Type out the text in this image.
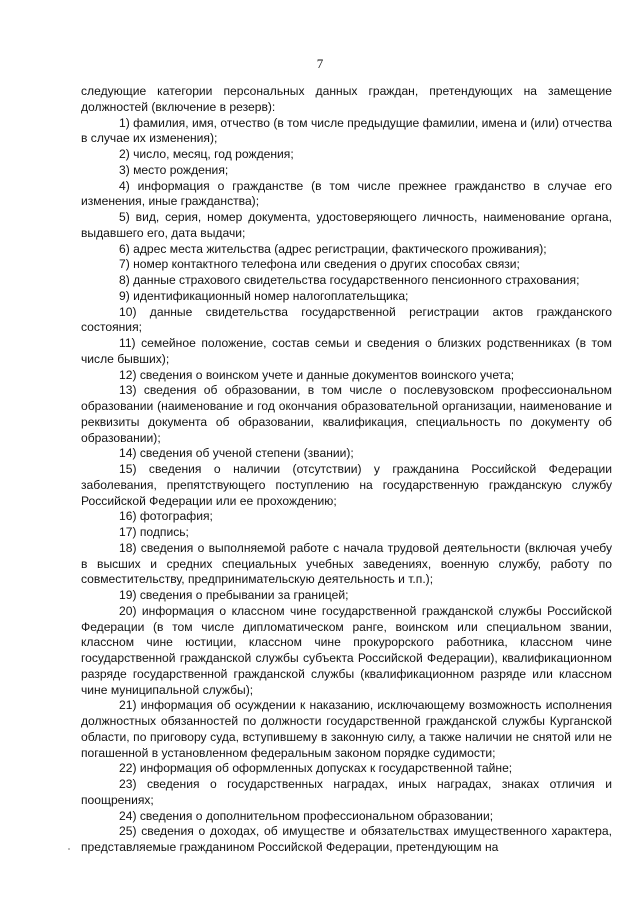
7

следующие категории персональных данных граждан, претендующих на замещение должностей (включение в резерв):

1) фамилия, имя, отчество (в том числе предыдущие фамилии, имена и (или) отчества в случае их изменения);

2) число, месяц, год рождения;

3) место рождения;

4) информация о гражданстве (в том числе прежнее гражданство в случае его изменения, иные гражданства);

5) вид, серия, номер документа, удостоверяющего личность, наименование органа, выдавшего его, дата выдачи;

6) адрес места жительства (адрес регистрации, фактического проживания);

7) номер контактного телефона или сведения о других способах связи;

8) данные страхового свидетельства государственного пенсионного страхования;

9) идентификационный номер налогоплательщика;

10) данные свидетельства государственной регистрации актов гражданского состояния;

11) семейное положение, состав семьи и сведения о близких родственниках (в том числе бывших);

12) сведения о воинском учете и данные документов воинского учета;

13) сведения об образовании, в том числе о послевузовском профессиональном образовании (наименование и год окончания образовательной организации, наименование и реквизиты документа об образовании, квалификация, специальность по документу об образовании);

14) сведения об ученой степени (звании);

15) сведения о наличии (отсутствии) у гражданина Российской Федерации заболевания, препятствующего поступлению на государственную гражданскую службу Российской Федерации или ее прохождению;

16) фотография;

17) подпись;

18) сведения о выполняемой работе с начала трудовой деятельности (включая учебу в высших и средних специальных учебных заведениях, военную службу, работу по совместительству, предпринимательскую деятельность и т.п.);

19) сведения о пребывании за границей;

20) информация о классном чине государственной гражданской службы Российской Федерации (в том числе дипломатическом ранге, воинском или специальном звании, классном чине юстиции, классном чине прокурорского работника, классном чине государственной гражданской службы субъекта Российской Федерации), квалификационном разряде государственной гражданской службы (квалификационном разряде или классном чине муниципальной службы);

21) информация об осуждении к наказанию, исключающему возможность исполнения должностных обязанностей по должности государственной гражданской службы Курганской области, по приговору суда, вступившему в законную силу, а также наличии не снятой или не погашенной в установленном федеральным законом порядке судимости;

22) информация об оформленных допусках к государственной тайне;

23) сведения о государственных наградах, иных наградах, знаках отличия и поощрениях;

24) сведения о дополнительном профессиональном образовании;

25) сведения о доходах, об имуществе и обязательствах имущественного характера, представляемые гражданином Российской Федерации, претендующим на
